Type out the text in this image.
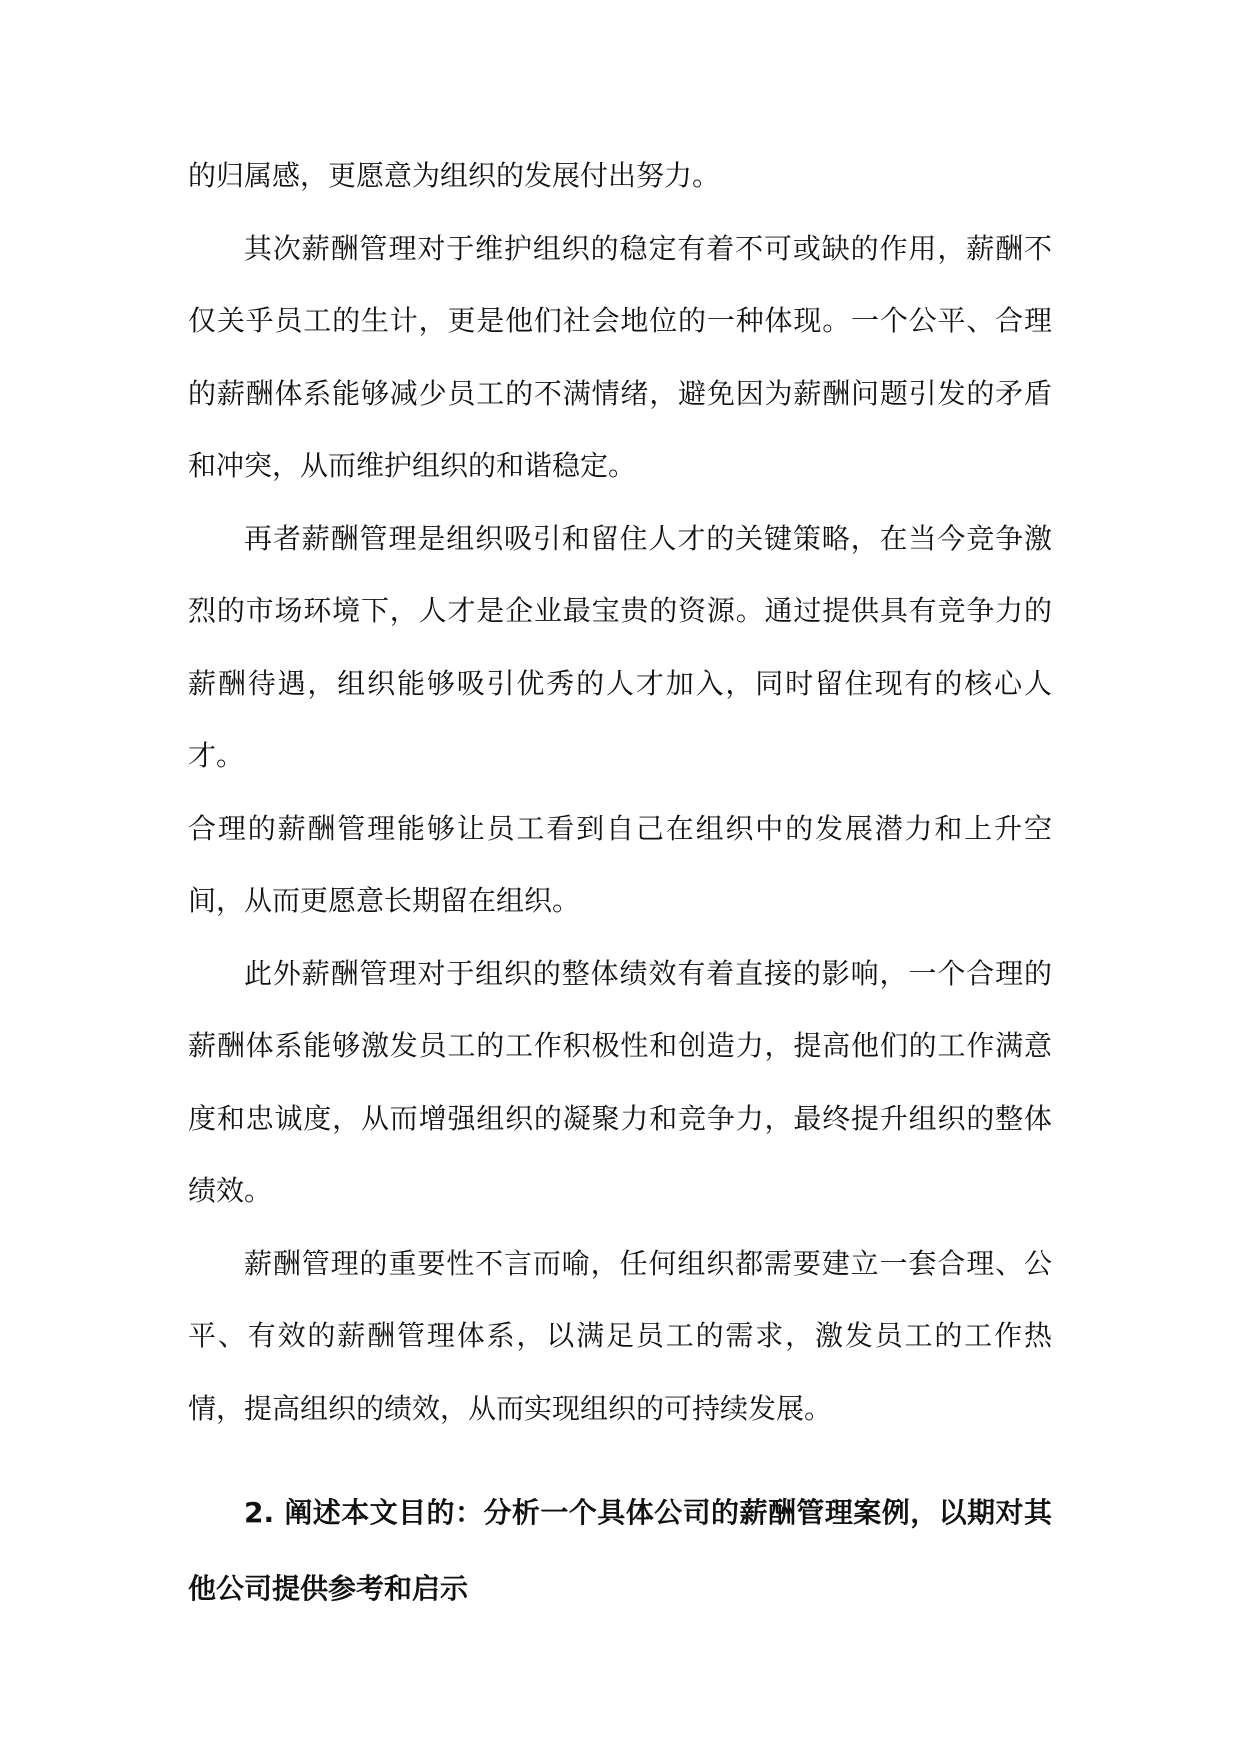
的归属感，更愿意为组织的发展付出努力。

其次薪酬管理对于维护组织的稳定有着不可或缺的作用，薪酬不仅关乎员工的生计，更是他们社会地位的一种体现。一个公平、合理的薪酬体系能够减少员工的不满情绪，避免因为薪酬问题引发的矛盾和冲突，从而维护组织的和谐稳定。

再者薪酬管理是组织吸引和留住人才的关键策略，在当今竞争激烈的市场环境下，人才是企业最宝贵的资源。通过提供具有竞争力的薪酬待遇，组织能够吸引优秀的人才加入，同时留住现有的核心人才。

合理的薪酬管理能够让员工看到自己在组织中的发展潜力和上升空间，从而更愿意长期留在组织。

此外薪酬管理对于组织的整体绩效有着直接的影响，一个合理的薪酬体系能够激发员工的工作积极性和创造力，提高他们的工作满意度和忠诚度，从而增强组织的凝聚力和竞争力，最终提升组织的整体绩效。

薪酬管理的重要性不言而喻，任何组织都需要建立一套合理、公平、有效的薪酬管理体系，以满足员工的需求，激发员工的工作热情，提高组织的绩效，从而实现组织的可持续发展。

2. 阐述本文目的：分析一个具体公司的薪酬管理案例，以期对其他公司提供参考和启示
